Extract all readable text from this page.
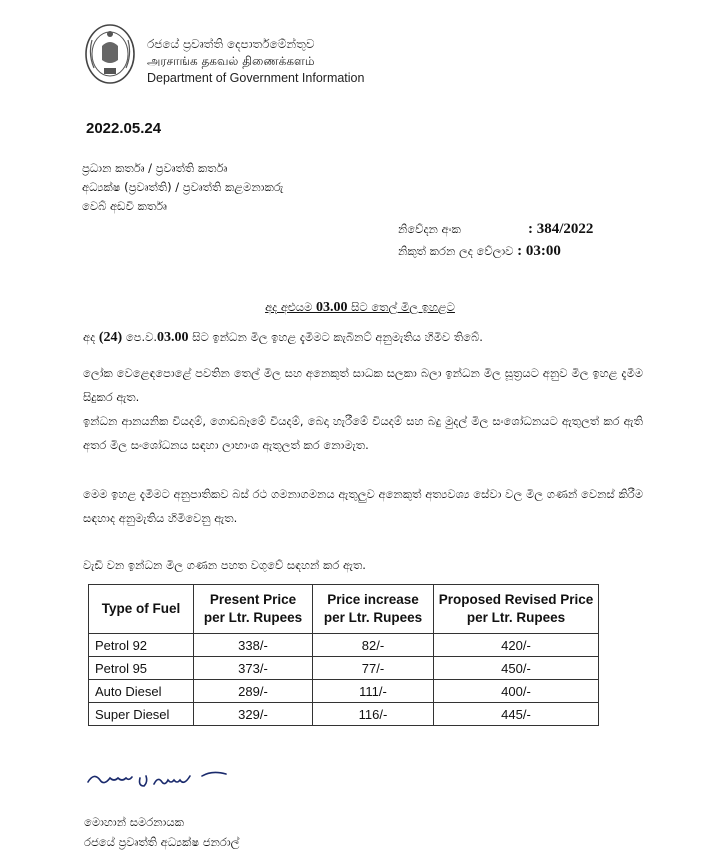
රජයේ ප්‍රවෘත්ති දෙපාර්තමේන්තුව
அரசாங்க தகவல் திணைக்களம்
Department of Government Information
2022.05.24
ප්‍රධාන කර්තෘ / ප්‍රවෘත්ති කර්තෘ
අධ්‍යක්ෂ (ප්‍රවෘත්ති) / ප්‍රවෘත්ති කළමනාකරු
වෙබ් අඩවි කර්තෘ
නිවේදන අංක	: 384/2022
නිකුත් කරන ලද වේලාව : 03:00
අද අළුයම 03.00 සිට තෙල් මිල ඉහළට
අද (24) පෙ.ව.03.00 සිට ඉන්ධන මිල ඉහළ දැමීමට කැබිනට් අනුමැතිය හිමිව තිබේ.
ලෝක වෙළෙඳපොළේ පවතින තෙල් මිල සහ අනෙකුත් සාධක සලකා බලා ඉන්ධන මිල සූත්‍රයට අනුව මිල ඉහළ දැමීම සිදුකර ඇත.
ඉන්ධන ආනයනික වියදම්, ගොඩබෑමේ වියදම්, බෙදා හැරීමේ වියදම් සහ බදු මුදල් මිල සංශෝධනයට ඇතුලත් කර ඇති අතර මිල සංශෝධනය සඳහා ලාභාංශ ඇතුලත් කර නොමැත.
මෙම ඉහළ දැමීමට අනුපාතිකව බස් රථ ගමනාගමනය ඇතුලුව අනෙකුත් අත්‍යවශ්‍ය සේවා වල මිල ගණන් වෙනස් කිරීම සඳහාද අනුමැතිය හිමිවෙනු ඇත.
වැඩි වන ඉන්ධන මිල ගණන පහත වගුවේ සඳහන් කර ඇත.
Type of Fuel	Present Price per Ltr. Rupees	Price increase per Ltr. Rupees	Proposed Revised Price per Ltr. Rupees
Petrol 92	338/-	82/-	420/-
Petrol 95	373/-	77/-	450/-
Auto Diesel	289/-	111/-	400/-
Super Diesel	329/-	116/-	445/-
මොහාන් සමරනායක
රජයේ ප්‍රවෘත්ති අධ්‍යක්ෂ ජනරාල්
